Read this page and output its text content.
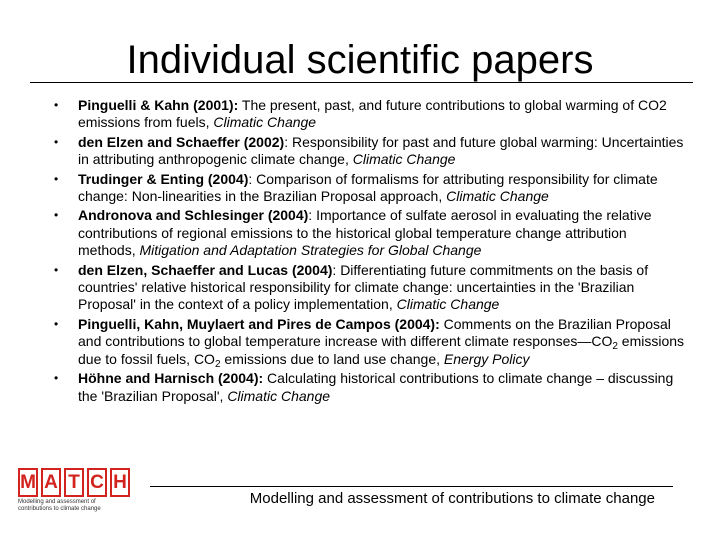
Individual scientific papers
• Pinguelli & Kahn (2001): The present, past, and future contributions to global warming of CO2 emissions from fuels, Climatic Change
• den Elzen and Schaeffer (2002): Responsibility for past and future global warming: Uncertainties in attributing anthropogenic climate change, Climatic Change
• Trudinger & Enting (2004): Comparison of formalisms for attributing responsibility for climate change: Non-linearities in the Brazilian Proposal approach, Climatic Change
• Andronova and Schlesinger (2004): Importance of sulfate aerosol in evaluating the relative contributions of regional emissions to the historical global temperature change attribution methods, Mitigation and Adaptation Strategies for Global Change
• den Elzen, Schaeffer and Lucas (2004): Differentiating future commitments on the basis of countries' relative historical responsibility for climate change: uncertainties in the 'Brazilian Proposal' in the context of a policy implementation, Climatic Change
• Pinguelli, Kahn, Muylaert and Pires de Campos (2004): Comments on the Brazilian Proposal and contributions to global temperature increase with different climate $responses—CO_2$ emissions due to fossil fuels, $CO_2$ emissions due to land use change, Energy Policy
• Höhne and Harnisch (2004): Calculating historical contributions to climate change – discussing the 'Brazilian Proposal', Climatic Change
M A T C H
Modelling and assessment of
contributions to climate change
Modelling and assessment of contributions to climate change
